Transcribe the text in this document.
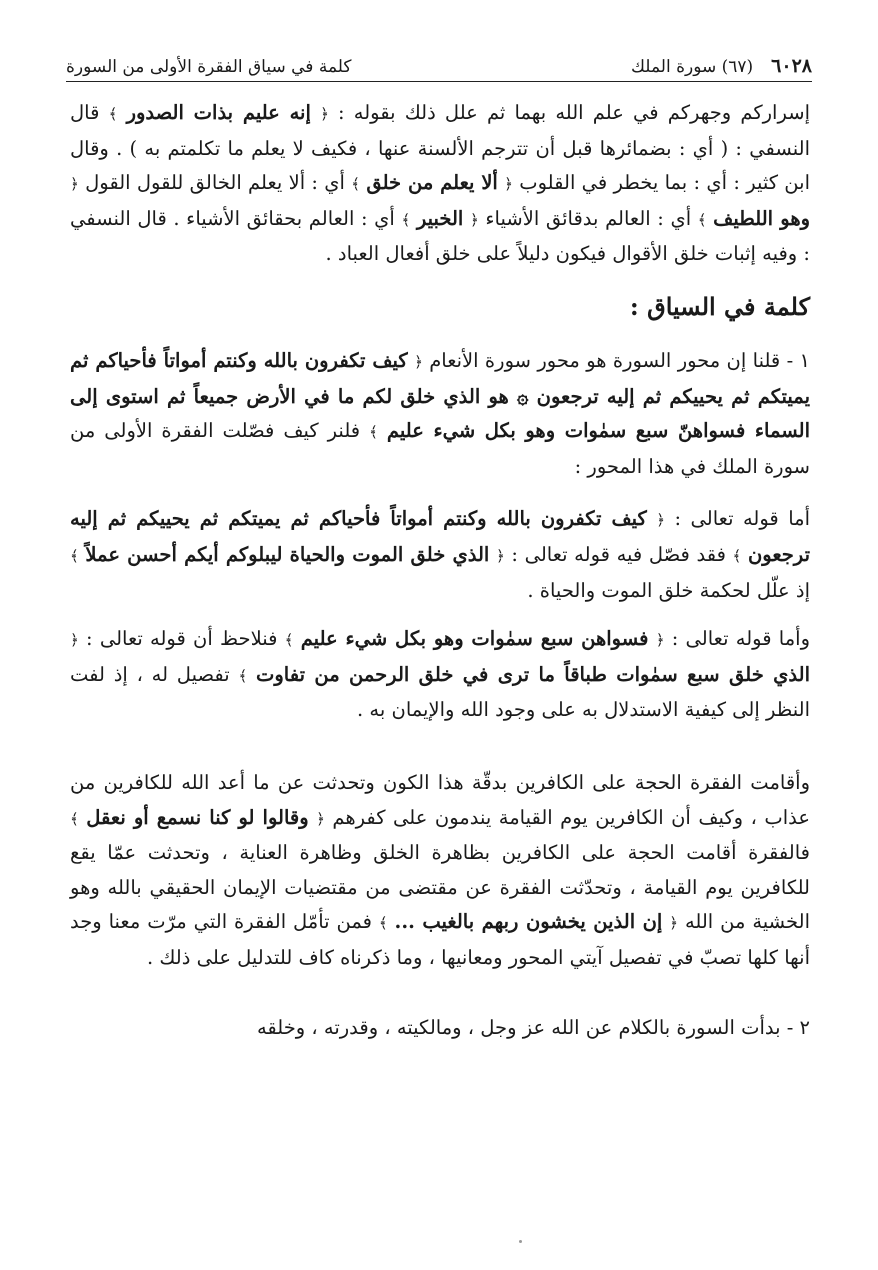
٦٠٢٨
(٦٧) سورة الملك
كلمة في سياق الفقرة الأولى من السورة

إسراركم وجهركم في علم الله بهما ثم علل ذلك بقوله : ﴿ إنه عليم بذات الصدور ﴾ قال النسفي : ( أي : بضمائرها قبل أن تترجم الألسنة عنها ، فكيف لا يعلم ما تكلمتم به ) . وقال ابن كثير : أي : بما يخطر في القلوب ﴿ ألا يعلم من خلق ﴾ أي : ألا يعلم الخالق للقول القول ﴿ وهو اللطيف ﴾ أي : العالم بدقائق الأشياء ﴿ الخبير ﴾ أي : العالم بحقائق الأشياء . قال النسفي : وفيه إثبات خلق الأقوال فيكون دليلاً على خلق أفعال العباد .

كلمة في السياق :

١ - قلنا إن محور السورة هو محور سورة الأنعام ﴿ كيف تكفرون بالله وكنتم أمواتاً فأحياكم ثم يميتكم ثم يحييكم ثم إليه ترجعون ۞ هو الذي خلق لكم ما في الأرض جميعاً ثم استوى إلى السماء فسواهنّ سبع سمٰوات وهو بكل شيء عليم ﴾ فلنر كيف فصّلت الفقرة الأولى من سورة الملك في هذا المحور :

أما قوله تعالى : ﴿ كيف تكفرون بالله وكنتم أمواتاً فأحياكم ثم يميتكم ثم يحييكم ثم إليه ترجعون ﴾ فقد فصّل فيه قوله تعالى : ﴿ الذي خلق الموت والحياة ليبلوكم أيكم أحسن عملاً ﴾ إذ علّل لحكمة خلق الموت والحياة .

وأما قوله تعالى : ﴿ فسواهن سبع سمٰوات وهو بكل شيء عليم ﴾ فنلاحظ أن قوله تعالى : ﴿ الذي خلق سبع سمٰوات طباقاً ما ترى في خلق الرحمن من تفاوت ﴾ تفصيل له ، إذ لفت النظر إلى كيفية الاستدلال به على وجود الله والإيمان به .

وأقامت الفقرة الحجة على الكافرين بدقّة هذا الكون وتحدثت عن ما أعد الله للكافرين من عذاب ، وكيف أن الكافرين يوم القيامة يندمون على كفرهم ﴿ وقالوا لو كنا نسمع أو نعقل ﴾ فالفقرة أقامت الحجة على الكافرين بظاهرة الخلق وظاهرة العناية ، وتحدثت عمّا يقع للكافرين يوم القيامة ، وتحدّثت الفقرة عن مقتضى من مقتضيات الإيمان الحقيقي بالله وهو الخشية من الله ﴿ إن الذين يخشون ربهم بالغيب ... ﴾ فمن تأمّل الفقرة التي مرّت معنا وجد أنها كلها تصبّ في تفصيل آيتي المحور ومعانيها ، وما ذكرناه كاف للتدليل على ذلك .

٢ - بدأت السورة بالكلام عن الله عز وجل ، ومالكيته ، وقدرته ، وخلقه
